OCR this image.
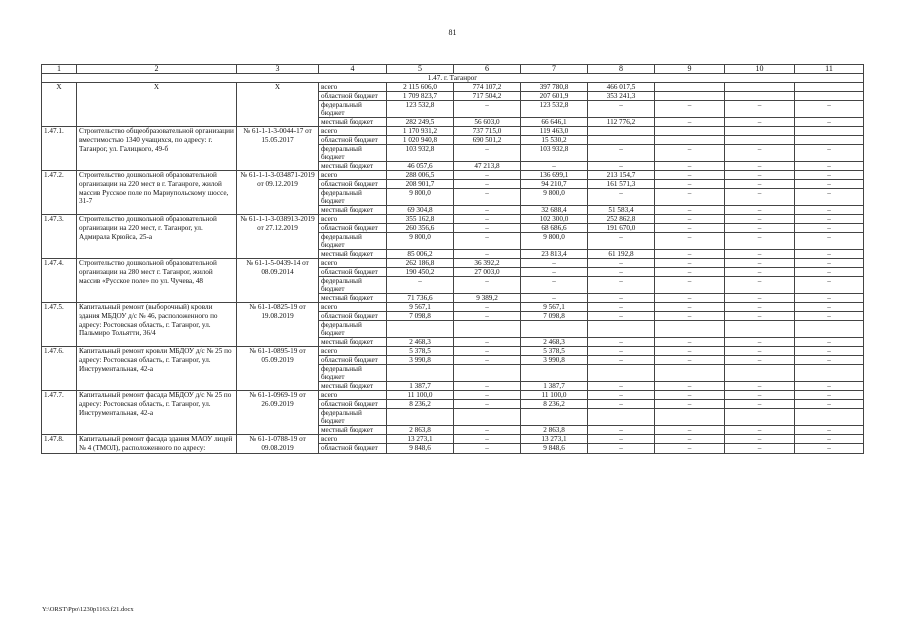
81
1	2	3	4	5	6	7	8	9	10	11
1.47. г. Таганрог										
Х	Х	Х	всего	2 115 606,0	774 107,2	397 780,8	466 017,5			
			областной бюджет	1 709 823,7	717 504,2	207 601,9	353 241,3			
			федеральный бюджет	123 532,8	–	123 532,8	–	–	–	–
			местный бюджет	282 249,5	56 603,0	66 646,1	112 776,2	–	–	–
1.47.1.	Строительство общеобразовательной организации вместимостью 1340 учащихся, по адресу: г. Таганрог, ул. Галицкого, 49-б	№ 61-1-1-3-0044-17 от 15.05.2017	всего	1 170 931,2	737 715,0	119 463,0				
			областной бюджет	1 020 940,8	690 501,2	15 530,2				
			федеральный бюджет	103 932,8	–	103 932,8	–	–	–	–
			местный бюджет	46 057,6	47 213,8	–	–	–	–	–
1.47.2.	Строительство дошкольной образовательной организации на 220 мест в г. Таганроге, жилой массив Русское поле по Мариупольскому шоссе, 31-7	№ 61-1-1-3-034871-2019 от 09.12.2019	всего	288 006,5	–	136 699,1	213 154,7	–	–	–
			областной бюджет	208 901,7	–	94 210,7	161 571,3	–	–	–
			федеральный бюджет	9 800,0	–	9 800,0	–	–	–	–
			местный бюджет	69 304,8	–	32 688,4	51 583,4	–	–	–
1.47.3.	Строительство дошкольной образовательной организации на 220 мест, г. Таганрог, ул. Адмирала Крюйса, 25-а	№ 61-1-1-3-038913-2019 от 27.12.2019	всего	355 162,8	–	102 300,0	252 862,8	–	–	–
			областной бюджет	260 356,6	–	68 686,6	191 670,0	–	–	–
			федеральный бюджет	9 800,0	–	9 800,0	–	–	–	–
			местный бюджет	85 006,2	–	23 813,4	61 192,8	–	–	–
1.47.4.	Строительство дошкольной образовательной организации на 280 мест г. Таганрог, жилой массив «Русское поле» по ул. Чучева, 48	№ 61-1-5-0439-14 от 08.09.2014	всего	262 186,8	36 392,2	–	–	–	–	–
			областной бюджет	190 450,2	27 003,0	–	–	–	–	–
			федеральный бюджет	–	–	–	–	–	–	–
			местный бюджет	71 736,6	9 389,2	–	–	–	–	–
1.47.5.	Капитальный ремонт (выборочный) кровли здания МБДОУ д/с № 46, расположенного по адресу: Ростовская область, г. Таганрог, ул. Пальмиро Тольятти, 36/4	№ 61-1-0825-19 от 19.08.2019	всего	9 567,1	–	9 567,1	–	–	–	–
			областной бюджет	7 098,8	–	7 098,8	–	–	–	–
			федеральный бюджет							
			местный бюджет	2 468,3	–	2 468,3	–	–	–	–
1.47.6.	Капитальный ремонт кровли МБДОУ д/с № 25 по адресу: Ростовская область, г. Таганрог, ул. Инструментальная, 42-а	№ 61-1-0895-19 от 05.09.2019	всего	5 378,5	–	5 378,5	–	–	–	–
			областной бюджет	3 990,8	–	3 990,8	–	–	–	–
			федеральный бюджет							
			местный бюджет	1 387,7	–	1 387,7	–	–	–	–
1.47.7.	Капитальный ремонт фасада МБДОУ д/с № 25 по адресу: Ростовская область, г. Таганрог, ул. Инструментальная, 42-а	№ 61-1-0969-19 от 26.09.2019	всего	11 100,0	–	11 100,0	–	–	–	–
			областной бюджет	8 236,2	–	8 236,2	–	–	–	–
			федеральный бюджет							
			местный бюджет	2 863,8	–	2 863,8	–	–	–	–
1.47.8.	Капитальный ремонт фасада здания МАОУ лицей № 4 (ТМОЛ), расположенного по адресу:	№ 61-1-0788-19 от 09.08.2019	всего	13 273,1	–	13 273,1	–	–	–	–
			областной бюджет	9 848,6	–	9 848,6	–	–	–	–
Y:\ORST\Ppo\1230p1163.f21.docx
